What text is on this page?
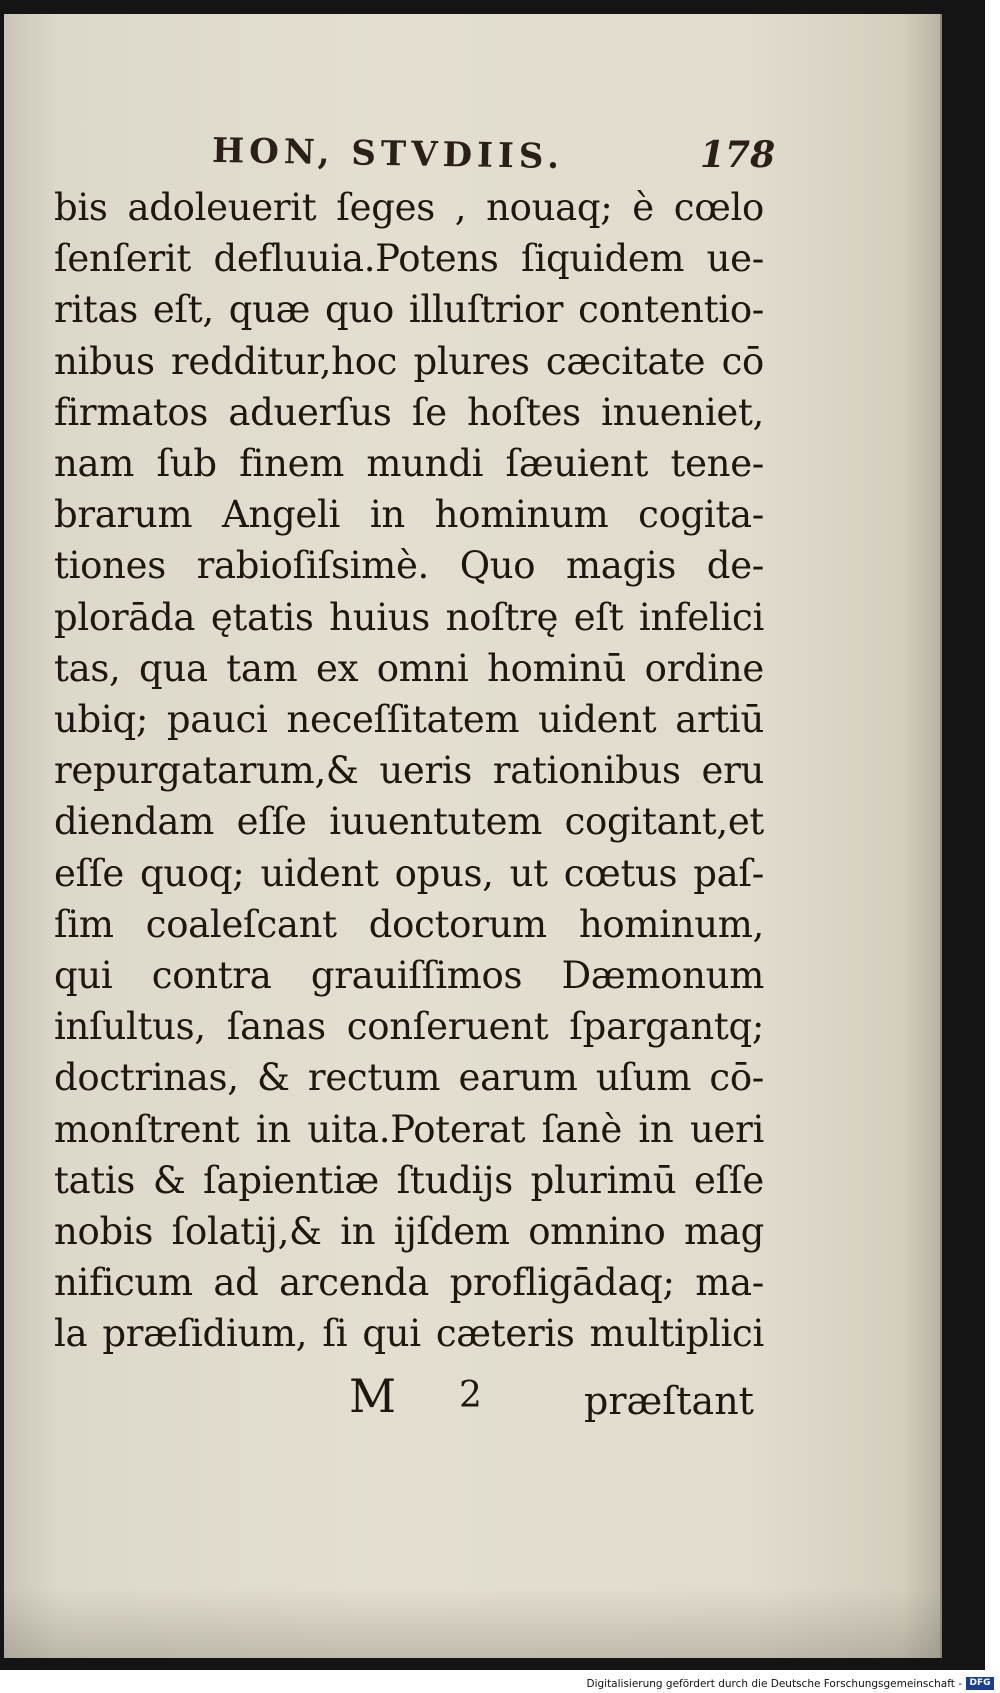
HON, STVDIIS.	178
bis adoleuerit ſeges , nouaq; è cœlo
ſenſerit defluuia.Potens ſiquidem ue-
ritas eſt, quæ quo illuſtrior contentio-
nibus redditur,hoc plures cæcitate cō
firmatos aduerſus ſe hoſtes inueniet,
nam ſub finem mundi ſæuient tene-
brarum Angeli in hominum cogita-
tiones rabioſiſsimè. Quo magis de-
plorāda ętatis huius noſtrę eſt infelici
tas, qua tam ex omni hominū ordine
ubiq; pauci neceſſitatem uident artiū
repurgatarum,& ueris rationibus eru
diendam eſſe iuuentutem cogitant,et
eſſe quoq; uident opus, ut cœtus paſ-
ſim coaleſcant doctorum hominum,
qui contra grauiſſimos Dæmonum
inſultus, ſanas conſeruent ſpargantq;
doctrinas, & rectum earum uſum cō-
monſtrent in uita.Poterat ſanè in ueri
tatis & ſapientiæ ſtudijs plurimū eſſe
nobis ſolatij,& in ijſdem omnino mag
nificum ad arcenda profligādaq; ma-
la præſidium, ſi qui cæteris multiplici
M 2	præſtant
Digitalisierung gefördert durch die Deutsche Forschungsgemeinschaft - DFG
